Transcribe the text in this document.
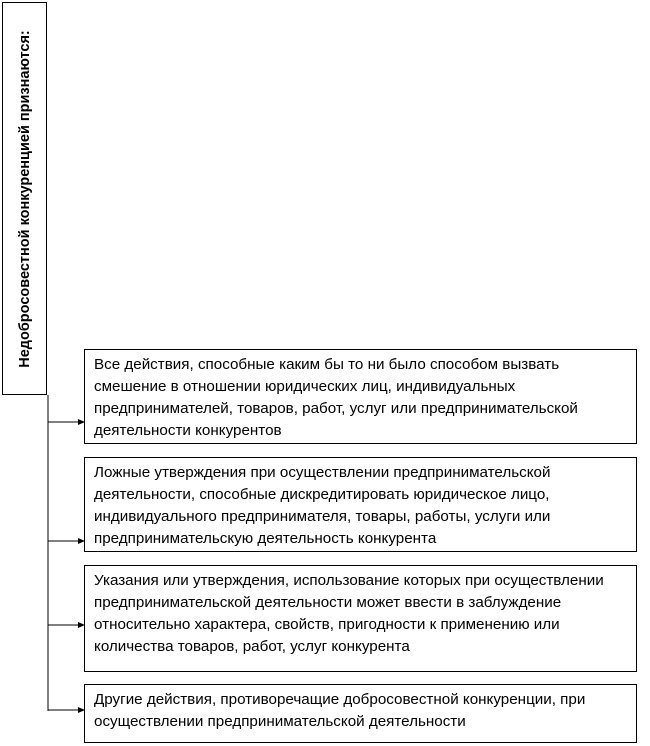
Недобросовестной конкуренцией признаются:	Все действия, способные каким бы то ни было способом вызвать
смешение в отношении юридических лиц, индивидуальных
предпринимателей, товаров, работ, услуг или предпринимательской
деятельности конкурентов
Ложные утверждения при осуществлении предпринимательской
деятельности, способные дискредитировать юридическое лицо,
индивидуального предпринимателя, товары, работы, услуги или
предпринимательскую деятельность конкурента
Указания или утверждения, использование которых при осуществлении
предпринимательской деятельности может ввести в заблуждение
относительно характера, свойств, пригодности к применению или
количества товаров, работ, услуг конкурента
Другие действия, противоречащие добросовестной конкуренции, при
осуществлении предпринимательской деятельности
